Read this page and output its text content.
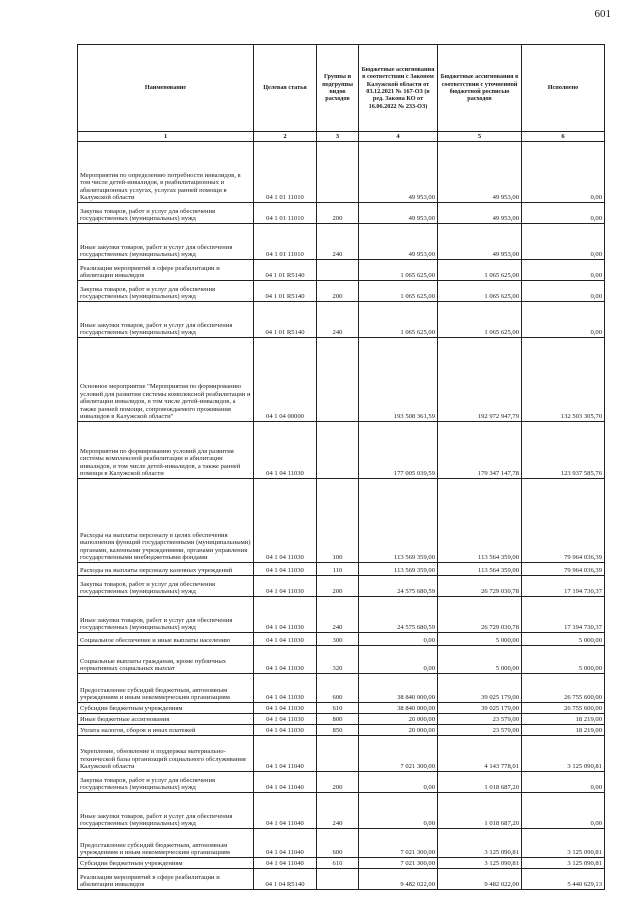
601
Наименование	Целевая статья	Группы и подгруппы видов расходов	Бюджетные ассигнования в соответствии с Законом Калужской области от 03.12.2021 № 167-ОЗ (в ред. Закона КО от 16.06.2022 № 233-ОЗ)	Бюджетные ассигнования в соответствии с уточненной бюджетной росписью расходов	Исполнено
1	2	3	4	5	6
Мероприятия по определению потребности инвалидов, в том числе детей-инвалидов, в реабилитационных и абилитационных услугах, услугах ранней помощи в Калужской области	04 1 01 11010		49 953,00	49 953,00	0,00
Закупка товаров, работ и услуг для обеспечения государственных (муниципальных) нужд	04 1 01 11010	200	49 953,00	49 953,00	0,00
Иные закупки товаров, работ и услуг для обеспечения государственных (муниципальных) нужд	04 1 01 11010	240	49 953,00	49 953,00	0,00
Реализация мероприятий в сфере реабилитации и абилитации инвалидов	04 1 01 R5140		1 065 625,00	1 065 625,00	0,00
Закупка товаров, работ и услуг для обеспечения государственных (муниципальных) нужд	04 1 01 R5140	200	1 065 625,00	1 065 625,00	0,00
Иные закупки товаров, работ и услуг для обеспечения государственных (муниципальных) нужд	04 1 01 R5140	240	1 065 625,00	1 065 625,00	0,00
Основное мероприятие "Мероприятия по формированию условий для развития системы комплексной реабилитации и абилитации инвалидов, в том числе детей-инвалидов, а также ранней помощи, сопровождаемого проживания инвалидов в Калужской области"	04 1 04 00000		193 508 361,59	192 972 947,79	132 503 305,70
Мероприятия по формированию условий для развития системы комплексной реабилитации и абилитации инвалидов, в том числе детей-инвалидов, а также ранней помощи в Калужской области	04 1 04 11030		177 005 039,59	179 347 147,78	123 937 585,76
Расходы на выплаты персоналу в целях обеспечения выполнения функций государственными (муниципальными) органами, казенными учреждениями, органами управления государственными внебюджетными фондами	04 1 04 11030	100	113 569 359,00	113 564 359,00	79 964 036,39
Расходы на выплаты персоналу казенных учреждений	04 1 04 11030	110	113 569 359,00	113 564 359,00	79 964 036,39
Закупка товаров, работ и услуг для обеспечения государственных (муниципальных) нужд	04 1 04 11030	200	24 575 680,59	26 729 030,78	17 194 730,37
Иные закупки товаров, работ и услуг для обеспечения государственных (муниципальных) нужд	04 1 04 11030	240	24 575 680,59	26 729 030,78	17 194 730,37
Социальное обеспечение и иные выплаты населению	04 1 04 11030	300	0,00	5 000,00	5 000,00
Социальные выплаты гражданам, кроме публичных нормативных социальных выплат	04 1 04 11030	320	0,00	5 000,00	5 000,00
Предоставление субсидий бюджетным, автономным учреждениям и иным некоммерческим организациям	04 1 04 11030	600	38 840 000,00	39 025 179,00	26 755 600,00
Субсидии бюджетным учреждениям	04 1 04 11030	610	38 840 000,00	39 025 179,00	26 755 600,00
Иные бюджетные ассигнования	04 1 04 11030	800	20 000,00	23 579,00	18 219,00
Уплата налогов, сборов и иных платежей	04 1 04 11030	850	20 000,00	23 579,00	18 219,00
Укрепление, обновление и поддержка материально-технической базы организаций социального обслуживания Калужской области	04 1 04 11040		7 021 300,00	4 143 778,01	3 125 090,81
Закупка товаров, работ и услуг для обеспечения государственных (муниципальных) нужд	04 1 04 11040	200	0,00	1 018 687,20	0,00
Иные закупки товаров, работ и услуг для обеспечения государственных (муниципальных) нужд	04 1 04 11040	240	0,00	1 018 687,20	0,00
Предоставление субсидий бюджетным, автономным учреждениям и иным некоммерческим организациям	04 1 04 11040	600	7 021 300,00	3 125 090,81	3 125 090,81
Субсидии бюджетным учреждениям	04 1 04 11040	610	7 021 300,00	3 125 090,81	3 125 090,81
Реализация мероприятий в сфере реабилитации и абилитации инвалидов	04 1 04 R5140		9 482 022,00	9 482 022,00	5 440 629,13
